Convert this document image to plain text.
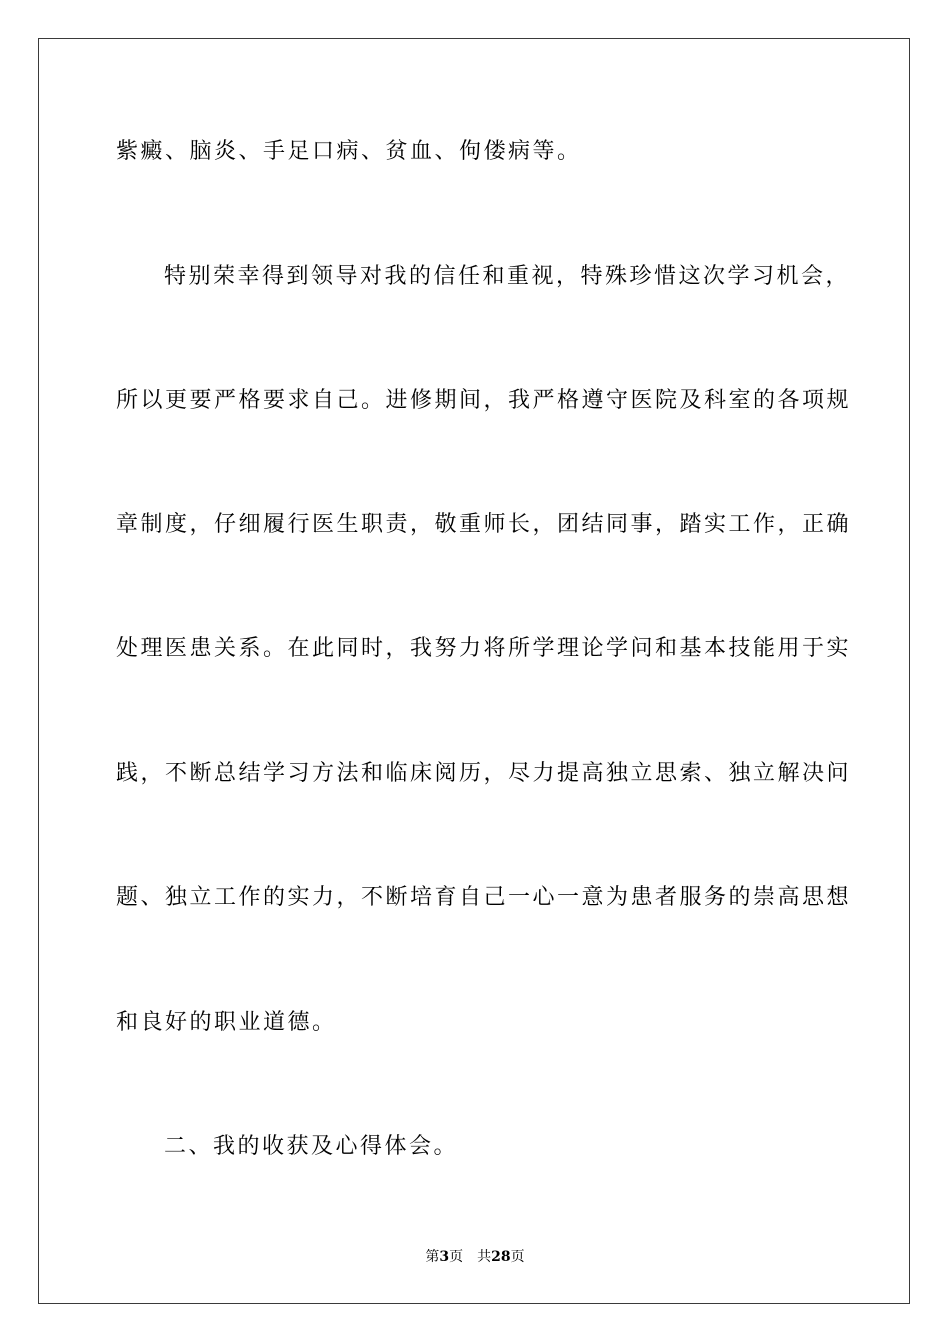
紫癜、脑炎、手足口病、贫血、佝偻病等。
特别荣幸得到领导对我的信任和重视，特殊珍惜这次学习机会，
所以更要严格要求自己。进修期间，我严格遵守医院及科室的各项规
章制度，仔细履行医生职责，敬重师长，团结同事，踏实工作，正确
处理医患关系。在此同时，我努力将所学理论学问和基本技能用于实
践，不断总结学习方法和临床阅历，尽力提高独立思索、独立解决问
题、独立工作的实力，不断培育自己一心一意为患者服务的崇高思想
和良好的职业道德。
二、我的收获及心得体会。
第3页 共28页
